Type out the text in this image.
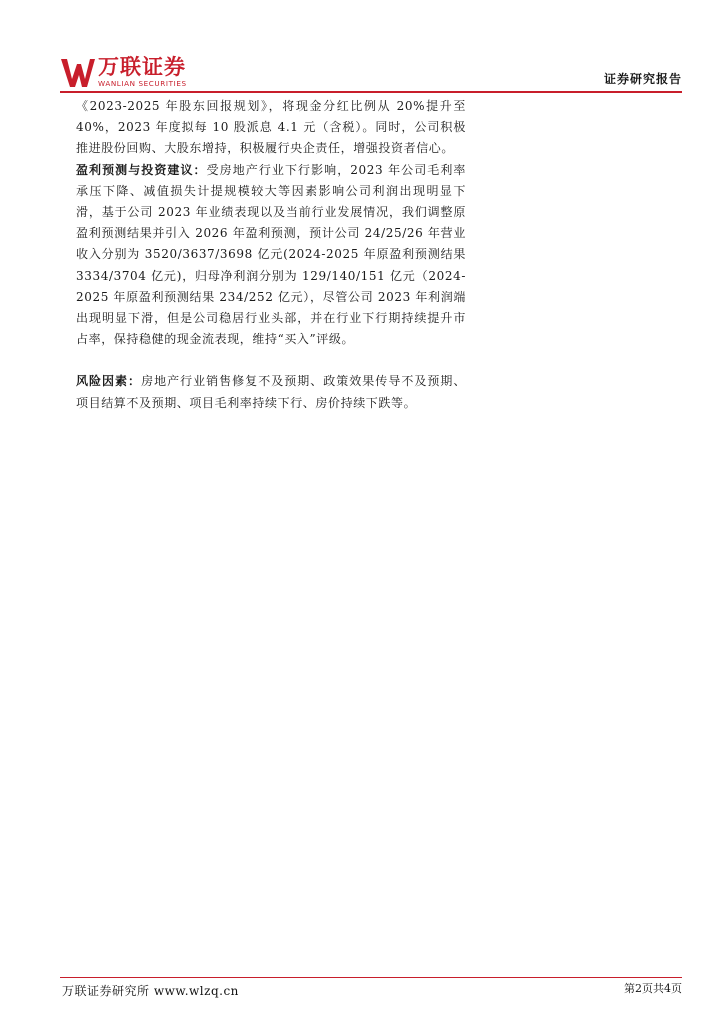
万联证券
WANLIAN SECURITIES	证券研究报告

《2023-2025 年股东回报规划》，将现金分红比例从 20%提升至 40%，2023 年度拟每 10 股派息 4.1 元（含税）。同时，公司积极推进股份回购、大股东增持，积极履行央企责任，增强投资者信心。

盈利预测与投资建议：受房地产行业下行影响，2023 年公司毛利率承压下降、减值损失计提规模较大等因素影响公司利润出现明显下滑，基于公司 2023 年业绩表现以及当前行业发展情况，我们调整原盈利预测结果并引入 2026 年盈利预测，预计公司 24/25/26 年营业收入分别为 3520/3637/3698 亿元(2024-2025 年原盈利预测结果 3334/3704 亿元)，归母净利润分别为 129/140/151 亿元（2024-2025 年原盈利预测结果 234/252 亿元），尽管公司 2023 年利润端出现明显下滑，但是公司稳居行业头部，并在行业下行期持续提升市占率，保持稳健的现金流表现，维持“买入”评级。

风险因素：房地产行业销售修复不及预期、政策效果传导不及预期、项目结算不及预期、项目毛利率持续下行、房价持续下跌等。

万联证券研究所 www.wlzq.cn	第2页共4页
